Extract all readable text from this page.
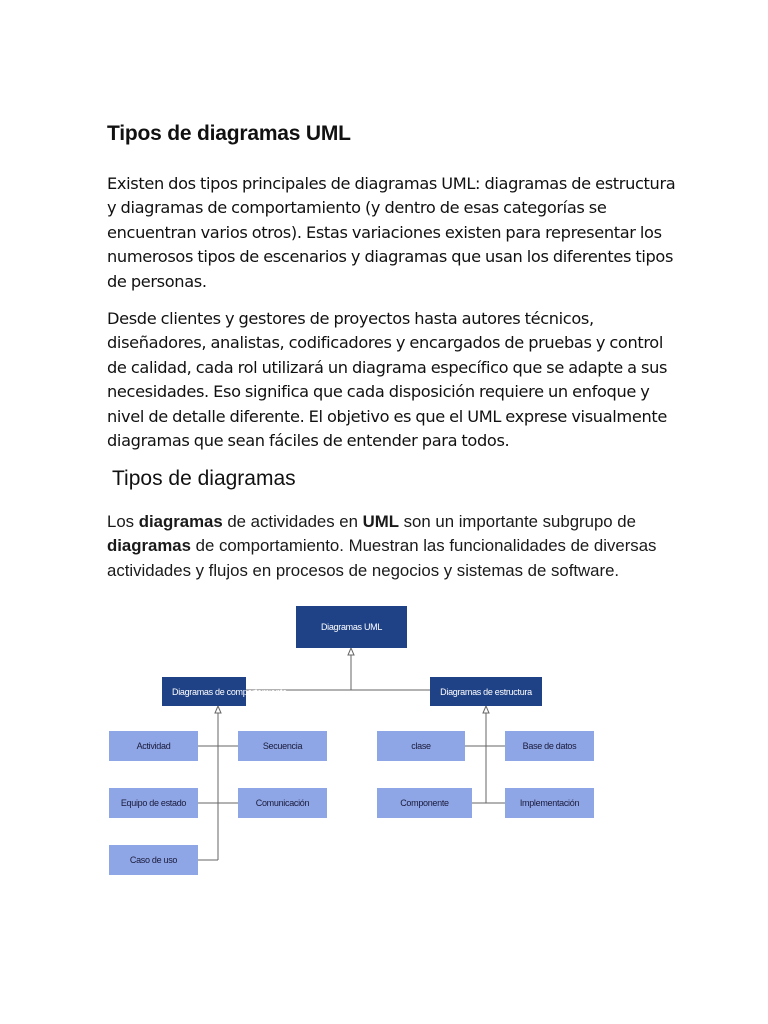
Tipos de diagramas UML

Existen dos tipos principales de diagramas UML: diagramas de estructura y diagramas de comportamiento (y dentro de esas categorías se encuentran varios otros). Estas variaciones existen para representar los numerosos tipos de escenarios y diagramas que usan los diferentes tipos de personas.

Desde clientes y gestores de proyectos hasta autores técnicos, diseñadores, analistas, codificadores y encargados de pruebas y control de calidad, cada rol utilizará un diagrama específico que se adapte a sus necesidades. Eso significa que cada disposición requiere un enfoque y nivel de detalle diferente. El objetivo es que el UML exprese visualmente diagramas que sean fáciles de entender para todos.

Tipos de diagramas

Los diagramas de actividades en UML son un importante subgrupo de diagramas de comportamiento. Muestran las funcionalidades de diversas actividades y flujos en procesos de negocios y sistemas de software.

Diagramas UML
Diagramas de comportamiento	Diagramas de estructura
Actividad	Secuencia
Equipo de estado	Comunicación
Caso de uso
clase	Base de datos
Componente	Implementación
